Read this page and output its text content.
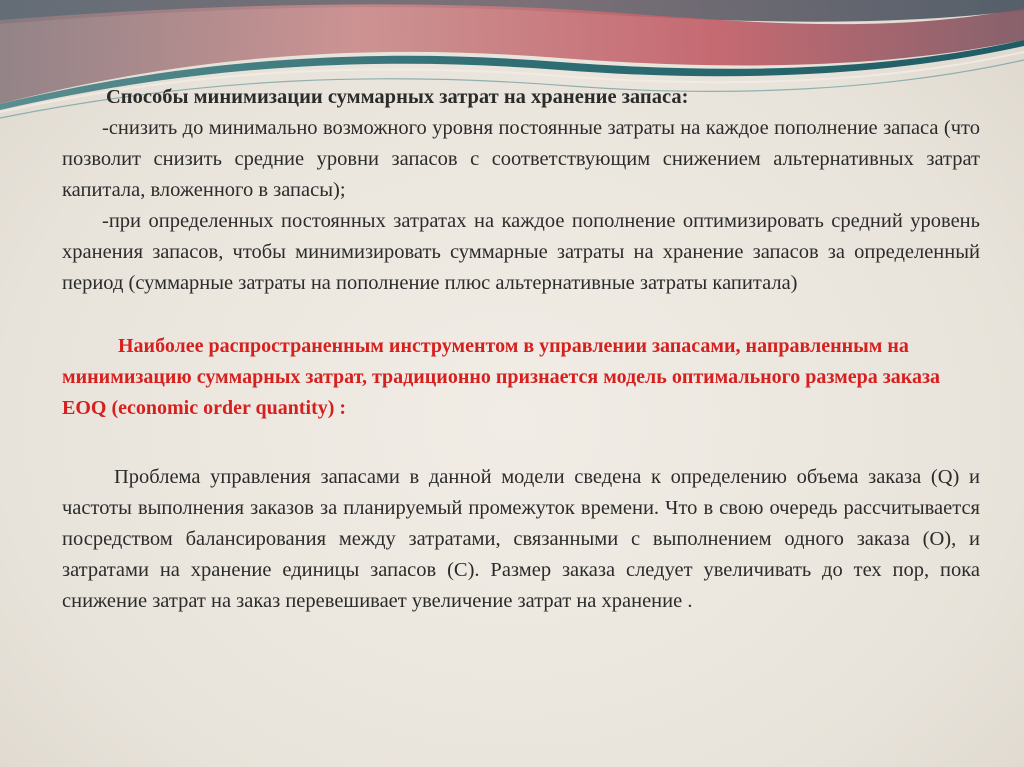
Способы минимизации суммарных затрат на хранение запаса:

-снизить до минимально возможного уровня постоянные затраты на каждое пополнение запаса (что позволит снизить средние уровни запасов с соответствующим снижением альтернативных затрат капитала, вложенного в запасы);

-при определенных постоянных затратах на каждое пополнение оптимизировать средний уровень хранения запасов, чтобы минимизировать суммарные затраты на хранение запасов за определенный период (суммарные затраты на пополнение плюс альтернативные затраты капитала)

Наиболее распространенным инструментом в управлении запасами, направленным на минимизацию суммарных затрат, традиционно признается модель оптимального размера заказа EOQ (economic order quantity) :

Проблема управления запасами в данной модели сведена к определению объема заказа (Q) и частоты выполнения заказов за планируемый промежуток времени. Что в свою очередь рассчитывается посредством балансирования между затратами, связанными с выполнением одного заказа (О), и затратами на хранение единицы запасов (С). Размер заказа следует увеличивать до тех пор, пока снижение затрат на заказ перевешивает увеличение затрат на хранение .
